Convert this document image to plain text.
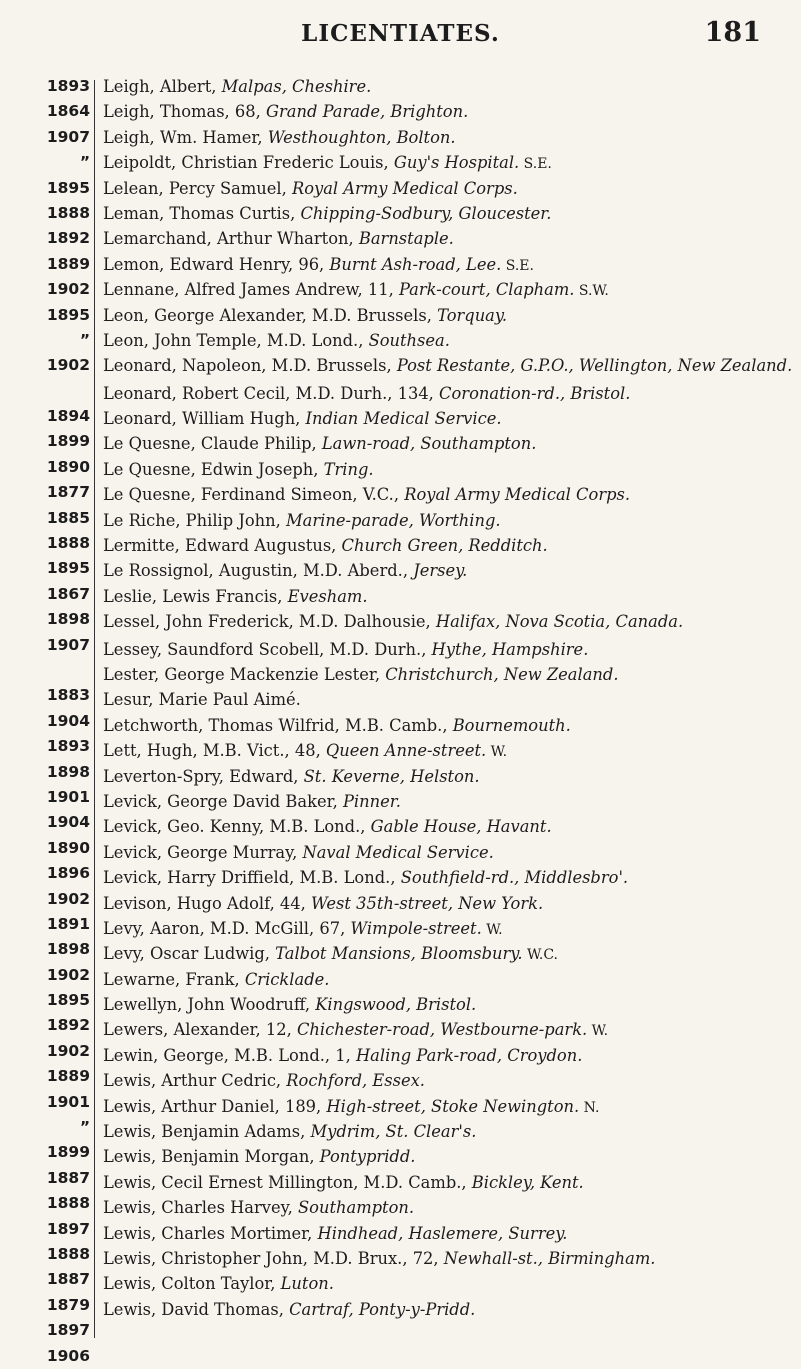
LICENTIATES.	181
1893
1864
1907
”
1895
1888
1892
1889
1902
1895
”
1902
1894
1899
1890
1877
1885
1888
1895
1867
1898
1907
1883
1904
1893
1898
1901
1904
1890
1896
1902
1891
1898
1902
1895
1892
1902
1889
1901
”
1899
1887
1888
1897
1888
1887
1879
1897
1906
Leigh, Albert, Malpas, Cheshire.
Leigh, Thomas, 68, Grand Parade, Brighton.
Leigh, Wm. Hamer, Westhoughton, Bolton.
Leipoldt, Christian Frederic Louis, Guy's Hospital. S.E.
Lelean, Percy Samuel, Royal Army Medical Corps.
Leman, Thomas Curtis, Chipping-Sodbury, Gloucester.
Lemarchand, Arthur Wharton, Barnstaple.
Lemon, Edward Henry, 96, Burnt Ash-road, Lee. S.E.
Lennane, Alfred James Andrew, 11, Park-court, Clapham. S.W.
Leon, George Alexander, M.D. Brussels, Torquay.
Leon, John Temple, M.D. Lond., Southsea.
Leonard, Napoleon, M.D. Brussels, Post Restante, G.P.O., Wellington, New Zealand.
Leonard, Robert Cecil, M.D. Durh., 134, Coronation-rd., Bristol.
Leonard, William Hugh, Indian Medical Service.
Le Quesne, Claude Philip, Lawn-road, Southampton.
Le Quesne, Edwin Joseph, Tring.
Le Quesne, Ferdinand Simeon, V.C., Royal Army Medical Corps.
Le Riche, Philip John, Marine-parade, Worthing.
Lermitte, Edward Augustus, Church Green, Redditch.
Le Rossignol, Augustin, M.D. Aberd., Jersey.
Leslie, Lewis Francis, Evesham.
Lessel, John Frederick, M.D. Dalhousie, Halifax, Nova Scotia, Canada.
Lessey, Saundford Scobell, M.D. Durh., Hythe, Hampshire.
Lester, George Mackenzie Lester, Christchurch, New Zealand.
Lesur, Marie Paul Aimé.
Letchworth, Thomas Wilfrid, M.B. Camb., Bournemouth.
Lett, Hugh, M.B. Vict., 48, Queen Anne-street. W.
Leverton-Spry, Edward, St. Keverne, Helston.
Levick, George David Baker, Pinner.
Levick, Geo. Kenny, M.B. Lond., Gable House, Havant.
Levick, George Murray, Naval Medical Service.
Levick, Harry Driffield, M.B. Lond., Southfield-rd., Middlesbro'.
Levison, Hugo Adolf, 44, West 35th-street, New York.
Levy, Aaron, M.D. McGill, 67, Wimpole-street. W.
Levy, Oscar Ludwig, Talbot Mansions, Bloomsbury. W.C.
Lewarne, Frank, Cricklade.
Lewellyn, John Woodruff, Kingswood, Bristol.
Lewers, Alexander, 12, Chichester-road, Westbourne-park. W.
Lewin, George, M.B. Lond., 1, Haling Park-road, Croydon.
Lewis, Arthur Cedric, Rochford, Essex.
Lewis, Arthur Daniel, 189, High-street, Stoke Newington. N.
Lewis, Benjamin Adams, Mydrim, St. Clear's.
Lewis, Benjamin Morgan, Pontypridd.
Lewis, Cecil Ernest Millington, M.D. Camb., Bickley, Kent.
Lewis, Charles Harvey, Southampton.
Lewis, Charles Mortimer, Hindhead, Haslemere, Surrey.
Lewis, Christopher John, M.D. Brux., 72, Newhall-st., Birmingham.
Lewis, Colton Taylor, Luton.
Lewis, David Thomas, Cartraf, Ponty-y-Pridd.
